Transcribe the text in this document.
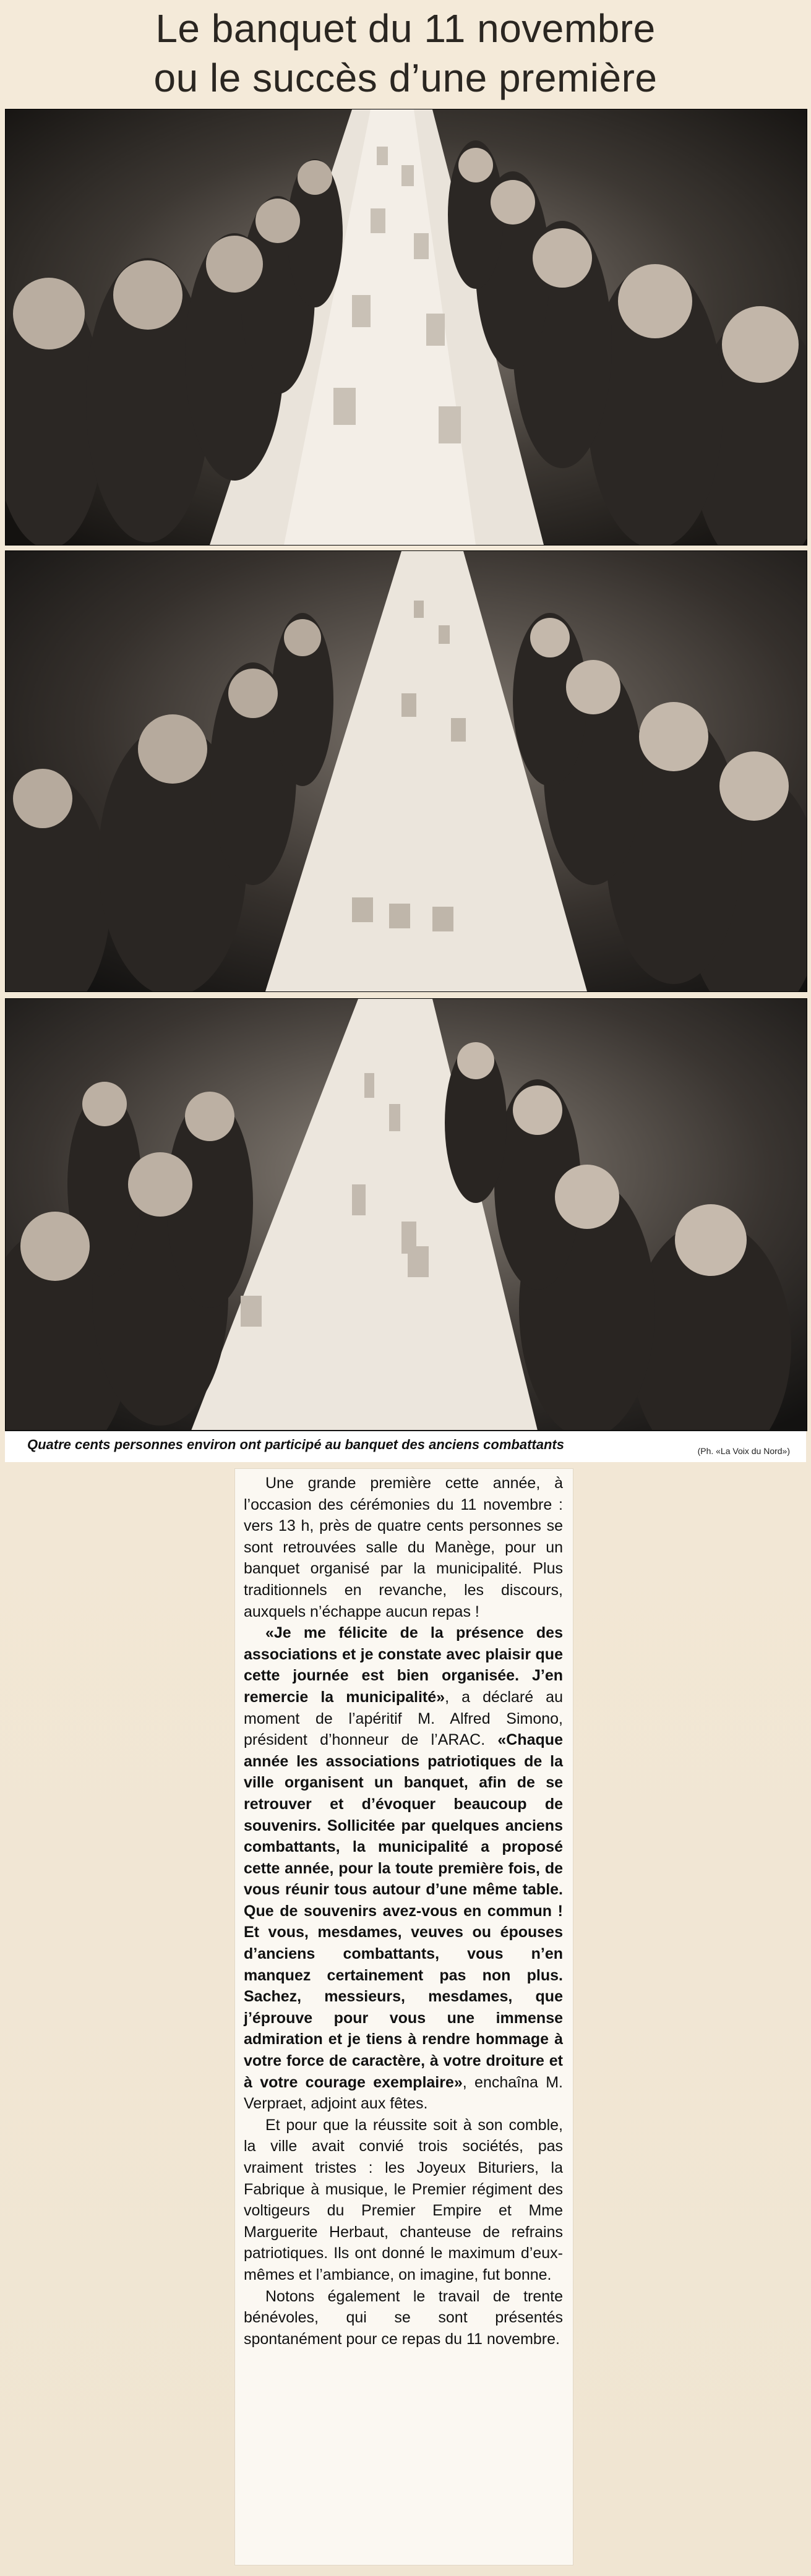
Le banquet du 11 novembre
ou le succès d’une première
Quatre cents personnes environ ont participé au banquet des anciens combattants	(Ph. «La Voix du Nord»)

Une grande première cette année, à l’occasion des cérémonies du 11 novembre : vers 13 h, près de quatre cents personnes se sont retrouvées salle du Manège, pour un banquet organisé par la municipalité. Plus traditionnels en revanche, les discours, auxquels n’échappe aucun repas !

«Je me félicite de la présence des associations et je constate avec plaisir que cette journée est bien organisée. J’en remercie la municipalité», a déclaré au moment de l’apéritif M. Alfred Simono, président d’honneur de l’ARAC. «Chaque année les associations patriotiques de la ville organisent un banquet, afin de se retrouver et d’évoquer beaucoup de souvenirs. Sollicitée par quelques anciens combattants, la municipalité a proposé cette année, pour la toute première fois, de vous réunir tous autour d’une même table. Que de souvenirs avez-vous en commun ! Et vous, mesdames, veuves ou épouses d’anciens combattants, vous n’en manquez certainement pas non plus. Sachez, messieurs, mesdames, que j’éprouve pour vous une immense admiration et je tiens à rendre hommage à votre force de caractère, à votre droiture et à votre courage exemplaire», enchaîna M. Verpraet, adjoint aux fêtes.

Et pour que la réussite soit à son comble, la ville avait convié trois sociétés, pas vraiment tristes : les Joyeux Bituriers, la Fabrique à musique, le Premier régiment des voltigeurs du Premier Empire et Mme Marguerite Herbaut, chanteuse de refrains patriotiques. Ils ont donné le maximum d’eux-mêmes et l’ambiance, on imagine, fut bonne.

Notons également le travail de trente bénévoles, qui se sont présentés spontanément pour ce repas du 11 novembre.
